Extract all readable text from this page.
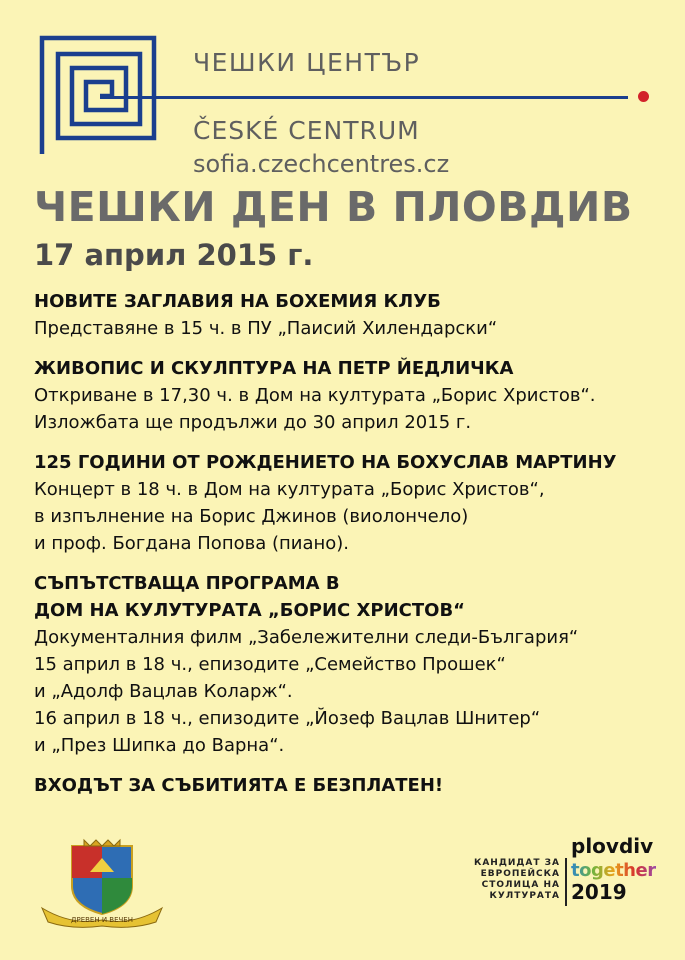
ЧЕШКИ ЦЕНТЪР
ČESKÉ CENTRUM
sofia.czechcentres.cz
ЧЕШКИ ДЕН В ПЛОВДИВ
17 април 2015 г.
НОВИТЕ ЗАГЛАВИЯ НА БОХЕМИЯ КЛУБ
Представяне в 15 ч. в ПУ „Паисий Хилендарски“
ЖИВОПИС И СКУЛПТУРА НА ПЕТР ЙЕДЛИЧКА
Откриване в 17,30 ч. в Дом на културата „Борис Христов“.
Изложбата ще продължи до 30 април 2015 г.
125 ГОДИНИ ОТ РОЖДЕНИЕТО НА БОХУСЛАВ МАРТИНУ
Концерт в 18 ч. в Дом на културата „Борис Христов“,
в изпълнение на Борис Джинов (виолончело)
и проф. Богдана Попова (пиано).
СЪПЪТСТВАЩА ПРОГРАМА В
ДОМ НА КУЛУТУРАТА „БОРИС ХРИСТОВ“
Документалния филм „Забележителни следи-България“
15 април в 18 ч., епизодите „Семейство Прошек“
и „Адолф Вацлав Коларж“.
16 април в 18 ч., епизодите „Йозеф Вацлав Шнитер“
и „През Шипка до Варна“.
ВХОДЪТ ЗА СЪБИТИЯТА Е БЕЗПЛАТЕН!
ДРЕВЕН И ВЕЧЕН
КАНДИДАТ ЗА
ЕВРОПЕЙСКА
СТОЛИЦА НА
КУЛТУРАТА
plovdiv
together
2019
